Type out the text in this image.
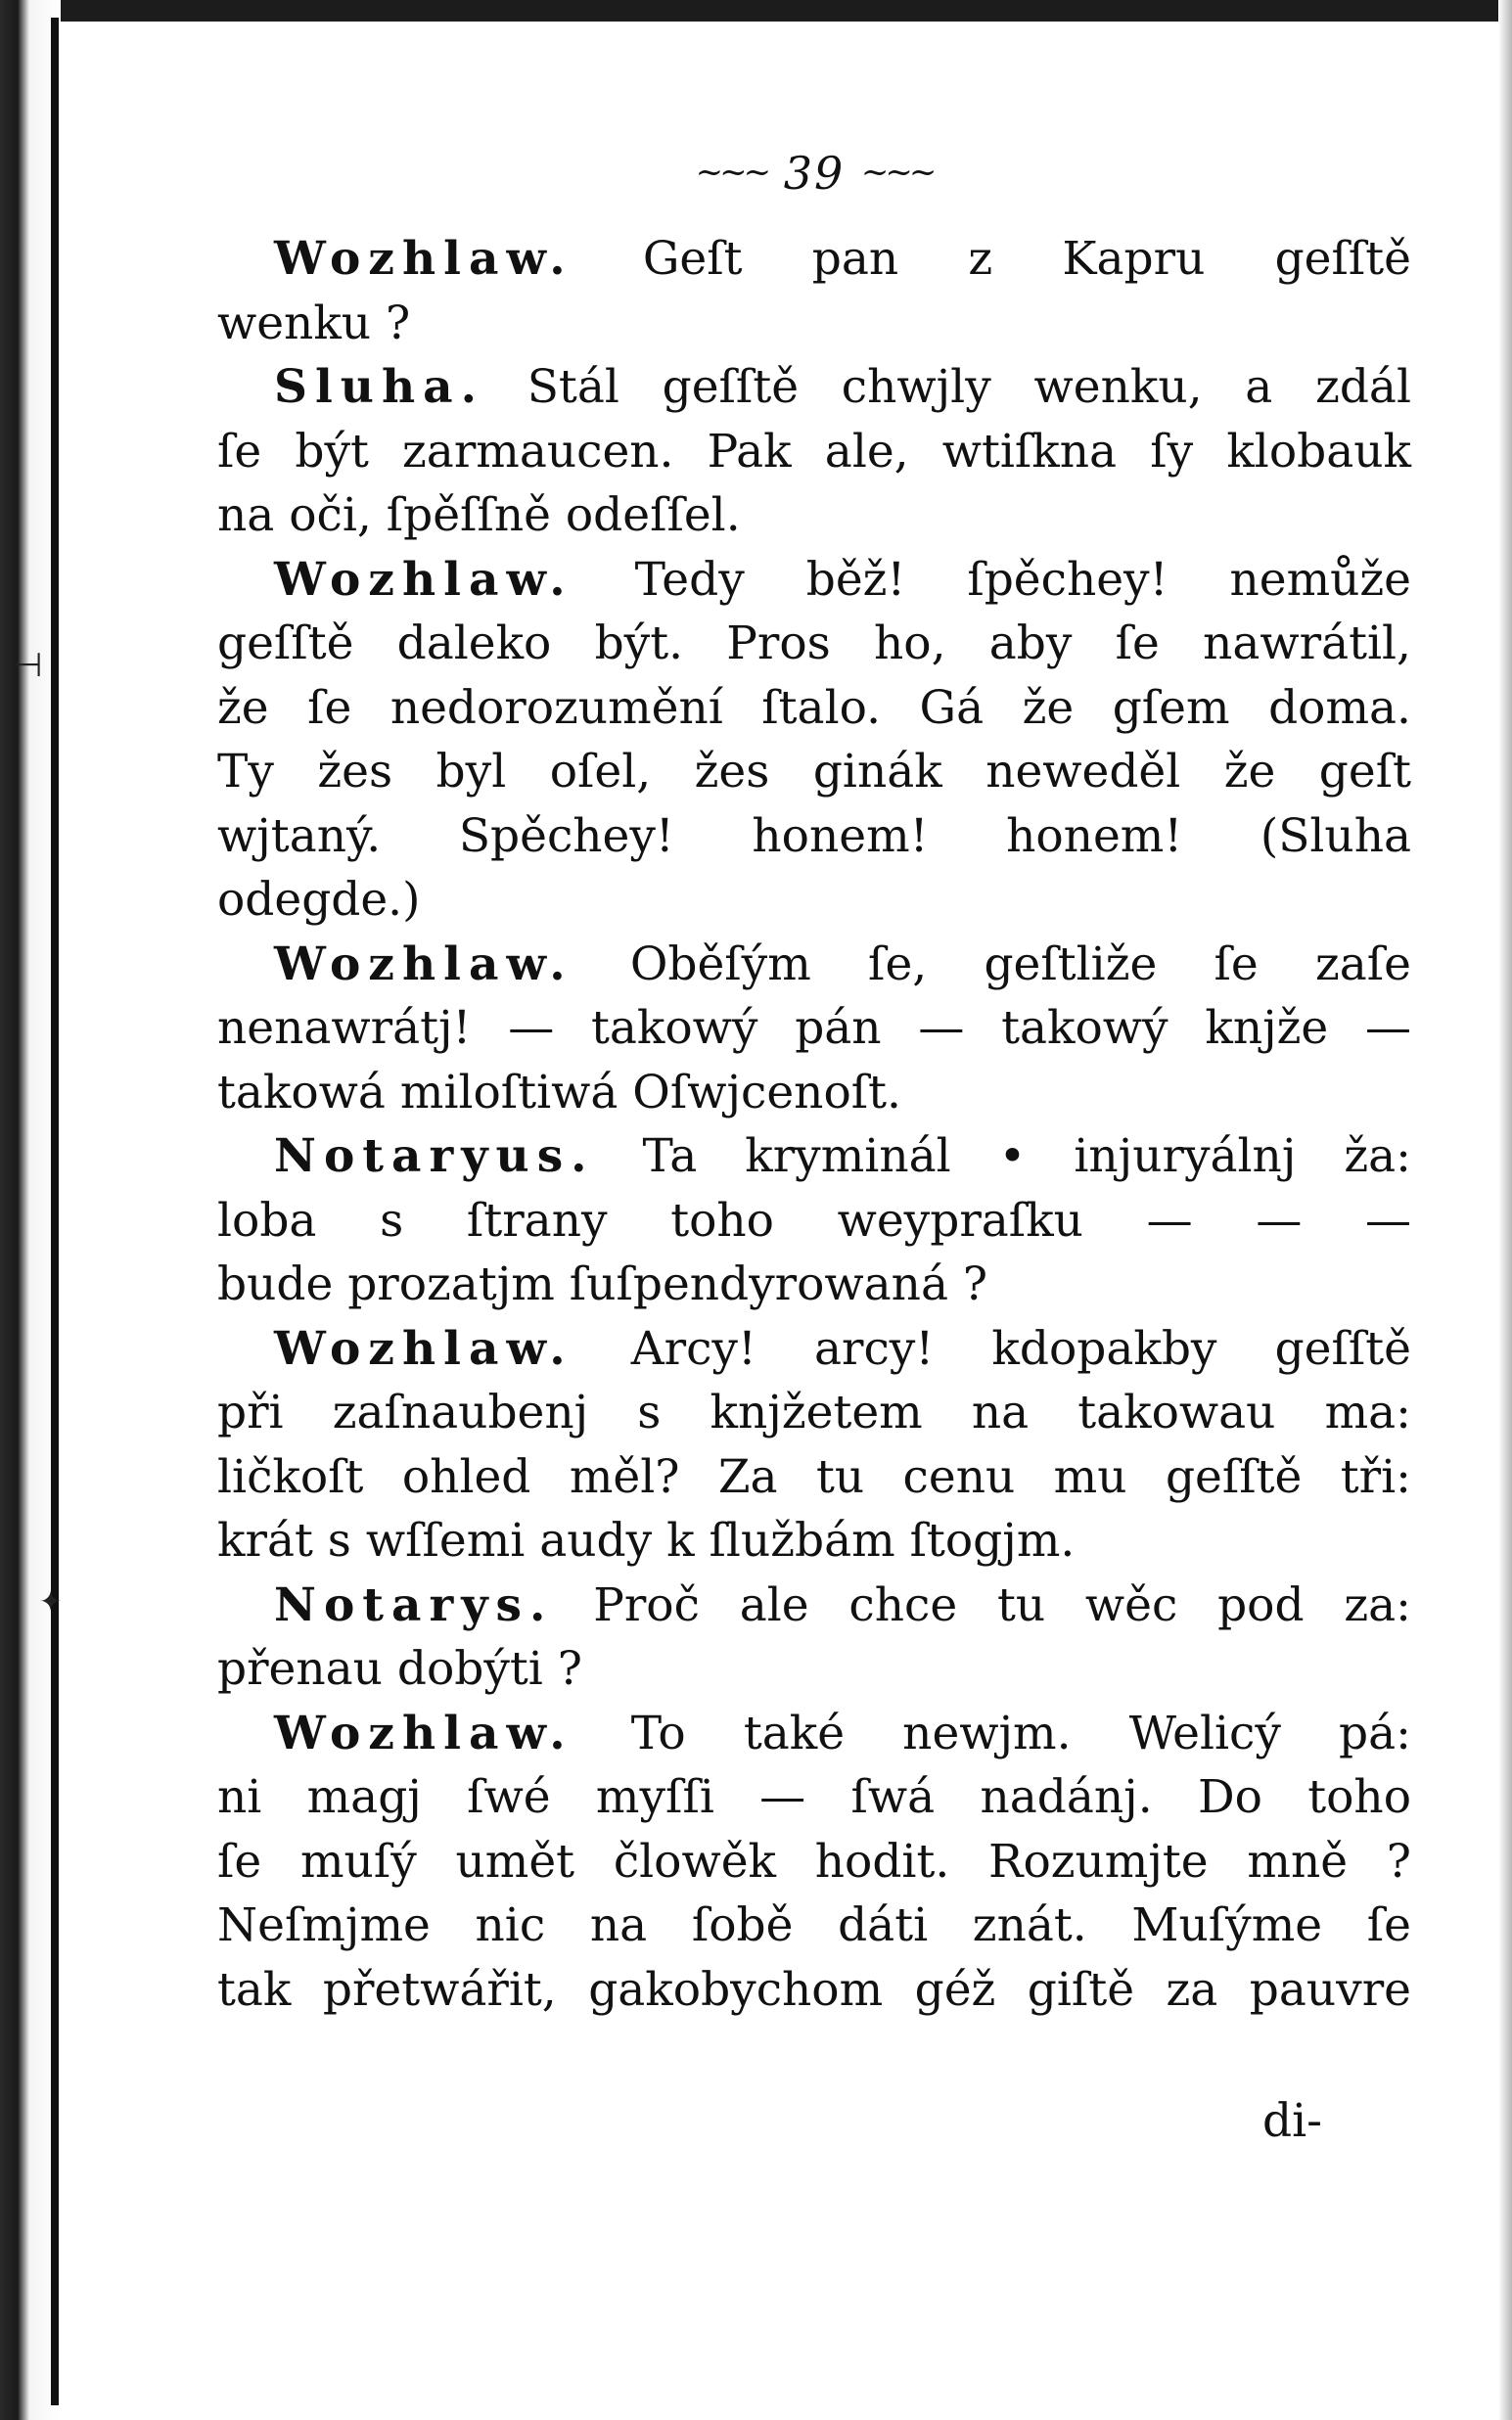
⊣
✦
~~~ 39 ~~~

Wozhlaw. Geſt pan z Kapru geſſtě

wenku ?

Sluha. Stál geſſtě chwjly wenku, a zdál

ſe být zarmaucen. Pak ale, wtiſkna ſy klobauk

na oči, ſpěſſně odeſſel.

Wozhlaw. Tedy běž! ſpěchey! nemůže

geſſtě daleko být. Pros ho, aby ſe nawrátil,

že ſe nedorozumění ſtalo. Gá že gſem doma.

Ty žes byl oſel, žes ginák neweděl že geſt

wjtaný. Spěchey! honem! honem! (Sluha

odegde.)

Wozhlaw. Oběſým ſe, geſtliže ſe zaſe

nenawrátj! — takowý pán — takowý knjže —

takowá miloſtiwá Oſwjcenoſt.

Notaryus. Ta kryminál • injuryálnj ža:

loba s ſtrany toho weypraſku — — —

bude prozatjm ſuſpendyrowaná ?

Wozhlaw. Arcy! arcy! kdopakby geſſtě

při zaſnaubenj s knjžetem na takowau ma:

ličkoſt ohled měl? Za tu cenu mu geſſtě tři:

krát s wſſemi audy k ſlužbám ſtogjm.

Notarys. Proč ale chce tu wěc pod za:

přenau dobýti ?

Wozhlaw. To také newjm. Welicý pá:

ni magj ſwé myſſi — ſwá nadánj. Do toho

ſe muſý umět člowěk hodit. Rozumjte mně ?

Neſmjme nic na ſobě dáti znát. Muſýme ſe

tak přetwářit, gakobychom géž giſtě za pauvre

di-
